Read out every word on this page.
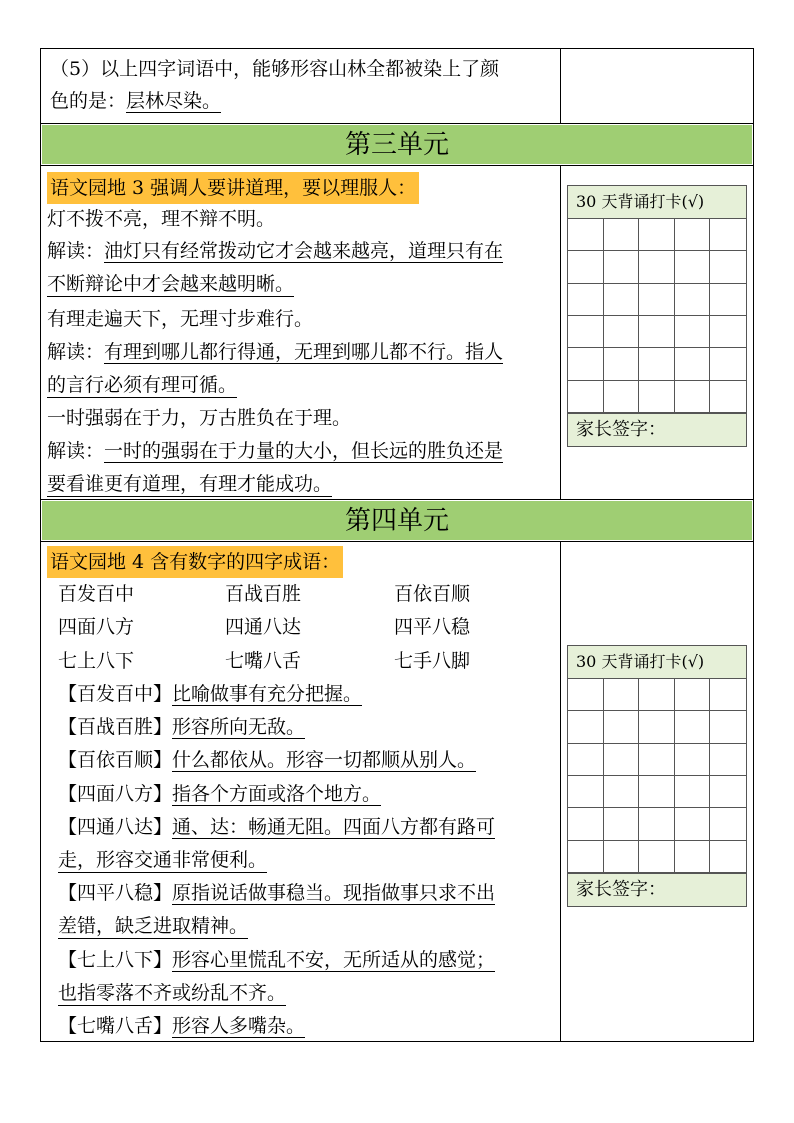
（5）以上四字词语中，能够形容山林全都被染上了颜
色的是：层林尽染。
第三单元
语文园地 3 强调人要讲道理，要以理服人：
灯不拨不亮，理不辩不明。
解读：油灯只有经常拨动它才会越来越亮，道理只有在
不断辩论中才会越来越明晰。
有理走遍天下，无理寸步难行。
解读：有理到哪儿都行得通，无理到哪儿都不行。指人
的言行必须有理可循。
一时强弱在于力，万古胜负在于理。
解读：一时的强弱在于力量的大小，但长远的胜负还是
要看谁更有道理，有理才能成功。
30 天背诵打卡(√)
家长签字：
第四单元
语文园地 4 含有数字的四字成语：
百发百中	百战百胜	百依百顺
四面八方	四通八达	四平八稳
七上八下	七嘴八舌	七手八脚
【百发百中】比喻做事有充分把握。
【百战百胜】形容所向无敌。
【百依百顺】什么都依从。形容一切都顺从别人。
【四面八方】指各个方面或洛个地方。
【四通八达】通、达：畅通无阻。四面八方都有路可
走，形容交通非常便利。
【四平八稳】原指说话做事稳当。现指做事只求不出
差错，缺乏进取精神。
【七上八下】形容心里慌乱不安，无所适从的感觉；
也指零落不齐或纷乱不齐。
【七嘴八舌】形容人多嘴杂。
30 天背诵打卡(√)
家长签字：
